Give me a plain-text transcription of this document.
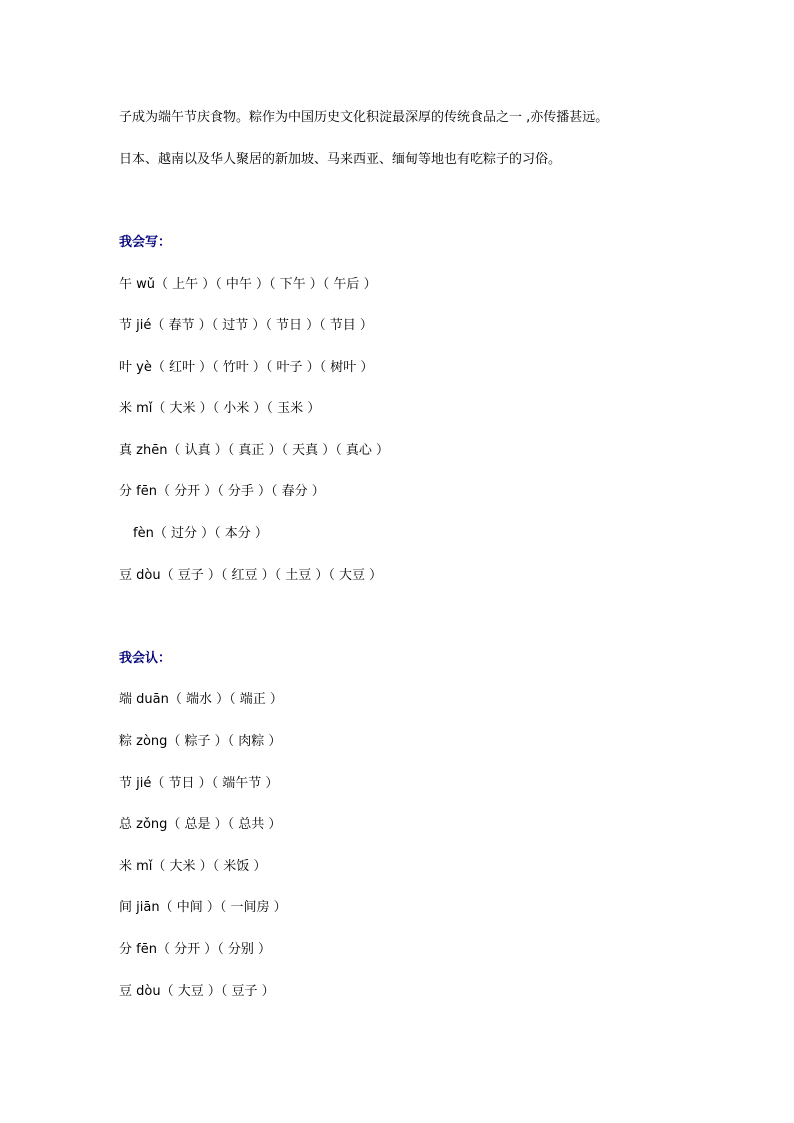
子成为端午节庆食物。粽作为中国历史文化积淀最深厚的传统食品之一 ,亦传播甚远。
日本、越南以及华人聚居的新加坡、马来西亚、缅甸等地也有吃粽子的习俗。
我会写：
午 wǔ（ 上午 ）（ 中午 ）（ 下午 ）（ 午后 ）
节 jié（ 春节 ）（ 过节 ）（ 节日 ）（ 节目 ）
叶 yè（ 红叶 ）（ 竹叶 ）（ 叶子 ）（ 树叶 ）
米 mǐ（ 大米 ）（ 小米 ）（ 玉米 ）
真 zhēn（ 认真 ）（ 真正 ）（ 天真 ）（ 真心 ）
分 fēn（ 分开 ）（ 分手 ）（ 春分 ）
fèn（ 过分 ）（ 本分 ）
豆 dòu（ 豆子 ）（ 红豆 ）（ 土豆 ）（ 大豆 ）
我会认：
端 duān（ 端水 ）（ 端正 ）
粽 zòng（ 粽子 ）（ 肉粽 ）
节 jié（ 节日 ）（ 端午节 ）
总 zǒng（ 总是 ）（ 总共 ）
米 mǐ（ 大米 ）（ 米饭 ）
间 jiān（ 中间 ）（ 一间房 ）
分 fēn（ 分开 ）（ 分别 ）
豆 dòu（ 大豆 ）（ 豆子 ）
